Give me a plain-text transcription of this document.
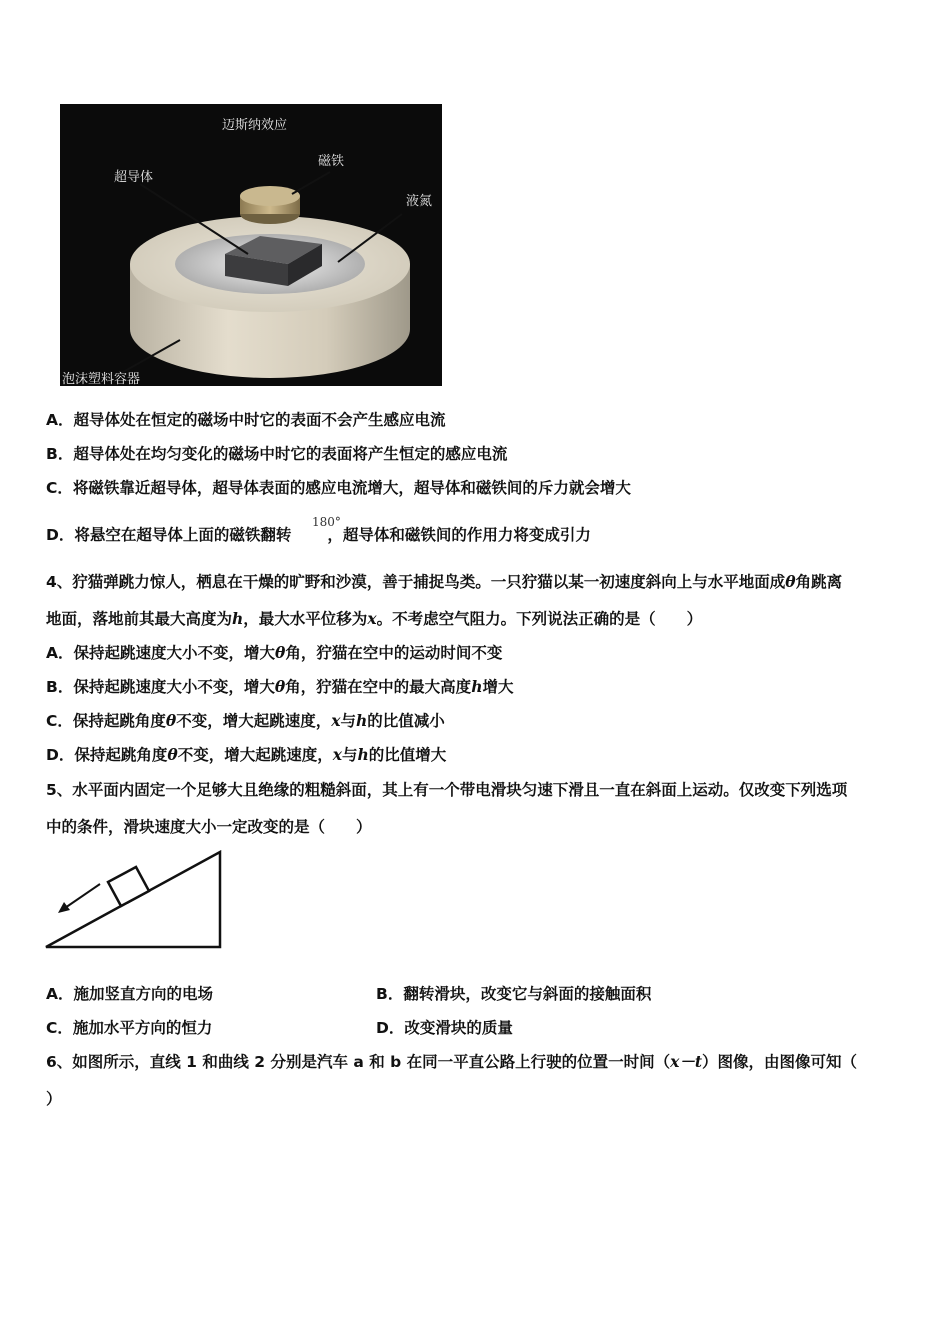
迈斯纳效应
磁铁
超导体
液氮
泡沫塑料容器
A．超导体处在恒定的磁场中时它的表面不会产生感应电流
B．超导体处在均匀变化的磁场中时它的表面将产生恒定的感应电流
C．将磁铁靠近超导体，超导体表面的感应电流增大，超导体和磁铁间的斥力就会增大
D．将悬空在超导体上面的磁铁翻转 ，超导体和磁铁间的作用力将变成引力
180°
4、狞猫弹跳力惊人，栖息在干燥的旷野和沙漠，善于捕捉鸟类。一只狞猫以某一初速度斜向上与水平地面成θ角跳离
地面，落地前其最大高度为h，最大水平位移为x。不考虑空气阻力。下列说法正确的是（　　）
A．保持起跳速度大小不变，增大θ角，狞猫在空中的运动时间不变
B．保持起跳速度大小不变，增大θ角，狞猫在空中的最大高度h增大
C．保持起跳角度θ不变，增大起跳速度，x与h的比值减小
D．保持起跳角度θ不变，增大起跳速度，x与h的比值增大
5、水平面内固定一个足够大且绝缘的粗糙斜面，其上有一个带电滑块匀速下滑且一直在斜面上运动。仅改变下列选项
中的条件，滑块速度大小一定改变的是（　　）
A．施加竖直方向的电场	B．翻转滑块，改变它与斜面的接触面积
C．施加水平方向的恒力	D．改变滑块的质量
6、如图所示，直线 1 和曲线 2 分别是汽车 a 和 b 在同一平直公路上行驶的位置一时间（x－t）图像，由图像可知（
）
